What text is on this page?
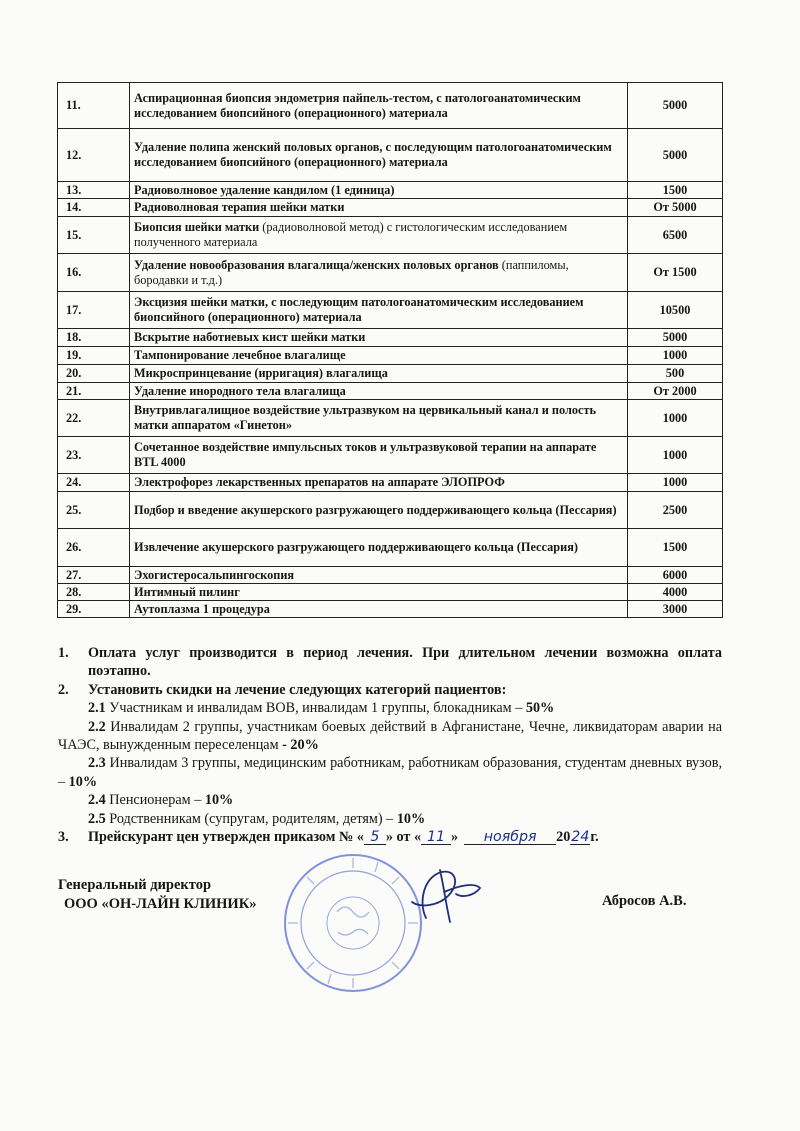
11.	Аспирационная биопсия эндометрия пайпель-тестом, с патологоанатомическим исследованием биопсийного (операционного) материала	5000
12.	Удаление полипа женский половых органов, с последующим патологоанатомическим исследованием биопсийного (операционного) материала	5000
13.	Радиоволновое удаление кандилом (1 единица)	1500
14.	Радиоволновая терапия шейки матки	От 5000
15.	Биопсия шейки матки (радиоволновой метод) с гистологическим исследованием полученного материала	6500
16.	Удаление новообразования влагалища/женских половых органов (паппиломы, бородавки и т.д.)	От 1500
17.	Эксцизия шейки матки, с последующим патологоанатомическим исследованием биопсийного (операционного) материала	10500
18.	Вскрытие наботиевых кист шейки матки	5000
19.	Тампонирование лечебное влагалище	1000
20.	Микроспринцевание (ирригация) влагалища	500
21.	Удаление инородного тела влагалища	От 2000
22.	Внутривлагалищное воздействие ультразвуком на цервикальный канал и полость матки аппаратом «Гинетон»	1000
23.	Сочетанное воздействие импульсных токов и ультразвуковой терапии на аппарате BTL 4000	1000
24.	Электрофорез лекарственных препаратов на аппарате ЭЛОПРОФ	1000
25.	Подбор и введение акушерского разгружающего поддерживающего кольца (Пессария)	2500
26.	Извлечение акушерского разгружающего поддерживающего кольца (Пессария)	1500
27.	Эхогистеросальпингоскопия	6000
28.	Интимный пилинг	4000
29.	Аутоплазма 1 процедура	3000
1.	Оплата услуг производится в период лечения. При длительном лечении возможна оплата поэтапно.
2.	Установить скидки на лечение следующих категорий пациентов:
2.1 Участникам и инвалидам ВОВ, инвалидам 1 группы, блокадникам – 50%
2.2 Инвалидам 2 группы, участникам боевых действий в Афганистане, Чечне, ликвидаторам аварии на ЧАЭС, вынужденным переселенцам - 20%
2.3 Инвалидам 3 группы, медицинским работникам, работникам образования, студентам дневных вузов, – 10%
2.4 Пенсионерам – 10%
2.5 Родственникам (супругам, родителям, детям) – 10%
3.	Прейскурант цен утвержден приказом № « 5 » от « 11 » ноября 2024г.
Генеральный директор
ООО «ОН-ЛАЙН КЛИНИК»	Абросов А.В.
